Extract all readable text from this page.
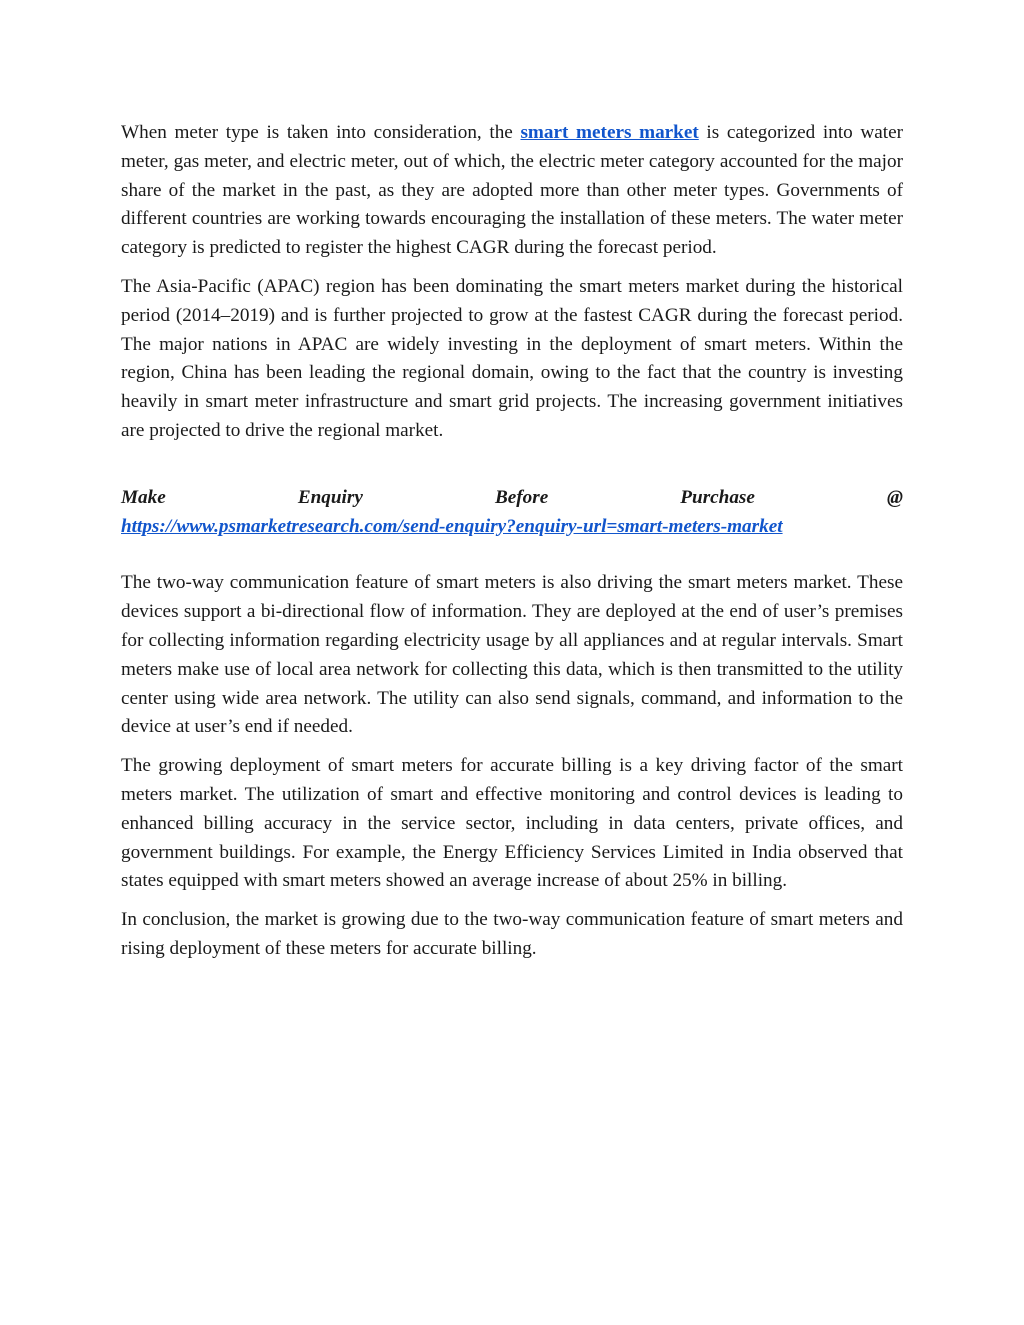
When meter type is taken into consideration, the smart meters market is categorized into water meter, gas meter, and electric meter, out of which, the electric meter category accounted for the major share of the market in the past, as they are adopted more than other meter types. Governments of different countries are working towards encouraging the installation of these meters. The water meter category is predicted to register the highest CAGR during the forecast period.

The Asia-Pacific (APAC) region has been dominating the smart meters market during the historical period (2014–2019) and is further projected to grow at the fastest CAGR during the forecast period. The major nations in APAC are widely investing in the deployment of smart meters. Within the region, China has been leading the regional domain, owing to the fact that the country is investing heavily in smart meter infrastructure and smart grid projects. The increasing government initiatives are projected to drive the regional market.

Make	Enquiry	Before	Purchase	@
https://www.psmarketresearch.com/send-enquiry?enquiry-url=smart-meters-market

The two-way communication feature of smart meters is also driving the smart meters market. These devices support a bi-directional flow of information. They are deployed at the end of user’s premises for collecting information regarding electricity usage by all appliances and at regular intervals. Smart meters make use of local area network for collecting this data, which is then transmitted to the utility center using wide area network. The utility can also send signals, command, and information to the device at user’s end if needed.

The growing deployment of smart meters for accurate billing is a key driving factor of the smart meters market. The utilization of smart and effective monitoring and control devices is leading to enhanced billing accuracy in the service sector, including in data centers, private offices, and government buildings. For example, the Energy Efficiency Services Limited in India observed that states equipped with smart meters showed an average increase of about 25% in billing.

In conclusion, the market is growing due to the two-way communication feature of smart meters and rising deployment of these meters for accurate billing.
